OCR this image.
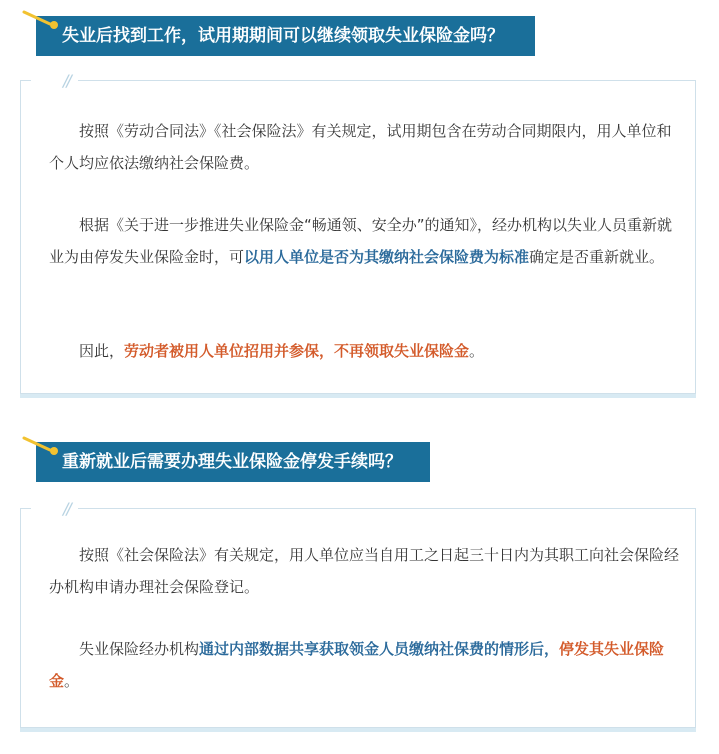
失业后找到工作，试用期期间可以继续领取失业保险金吗？
//

按照《劳动合同法》《社会保险法》有关规定，试用期包含在劳动合同期限内，用人单位和个人均应依法缴纳社会保险费。

根据《关于进一步推进失业保险金“畅通领、安全办”的通知》，经办机构以失业人员重新就业为由停发失业保险金时，可以用人单位是否为其缴纳社会保险费为标准确定是否重新就业。

因此，劳动者被用人单位招用并参保，不再领取失业保险金。

重新就业后需要办理失业保险金停发手续吗？
//

按照《社会保险法》有关规定，用人单位应当自用工之日起三十日内为其职工向社会保险经办机构申请办理社会保险登记。

失业保险经办机构通过内部数据共享获取领金人员缴纳社保费的情形后，停发其失业保险金。
